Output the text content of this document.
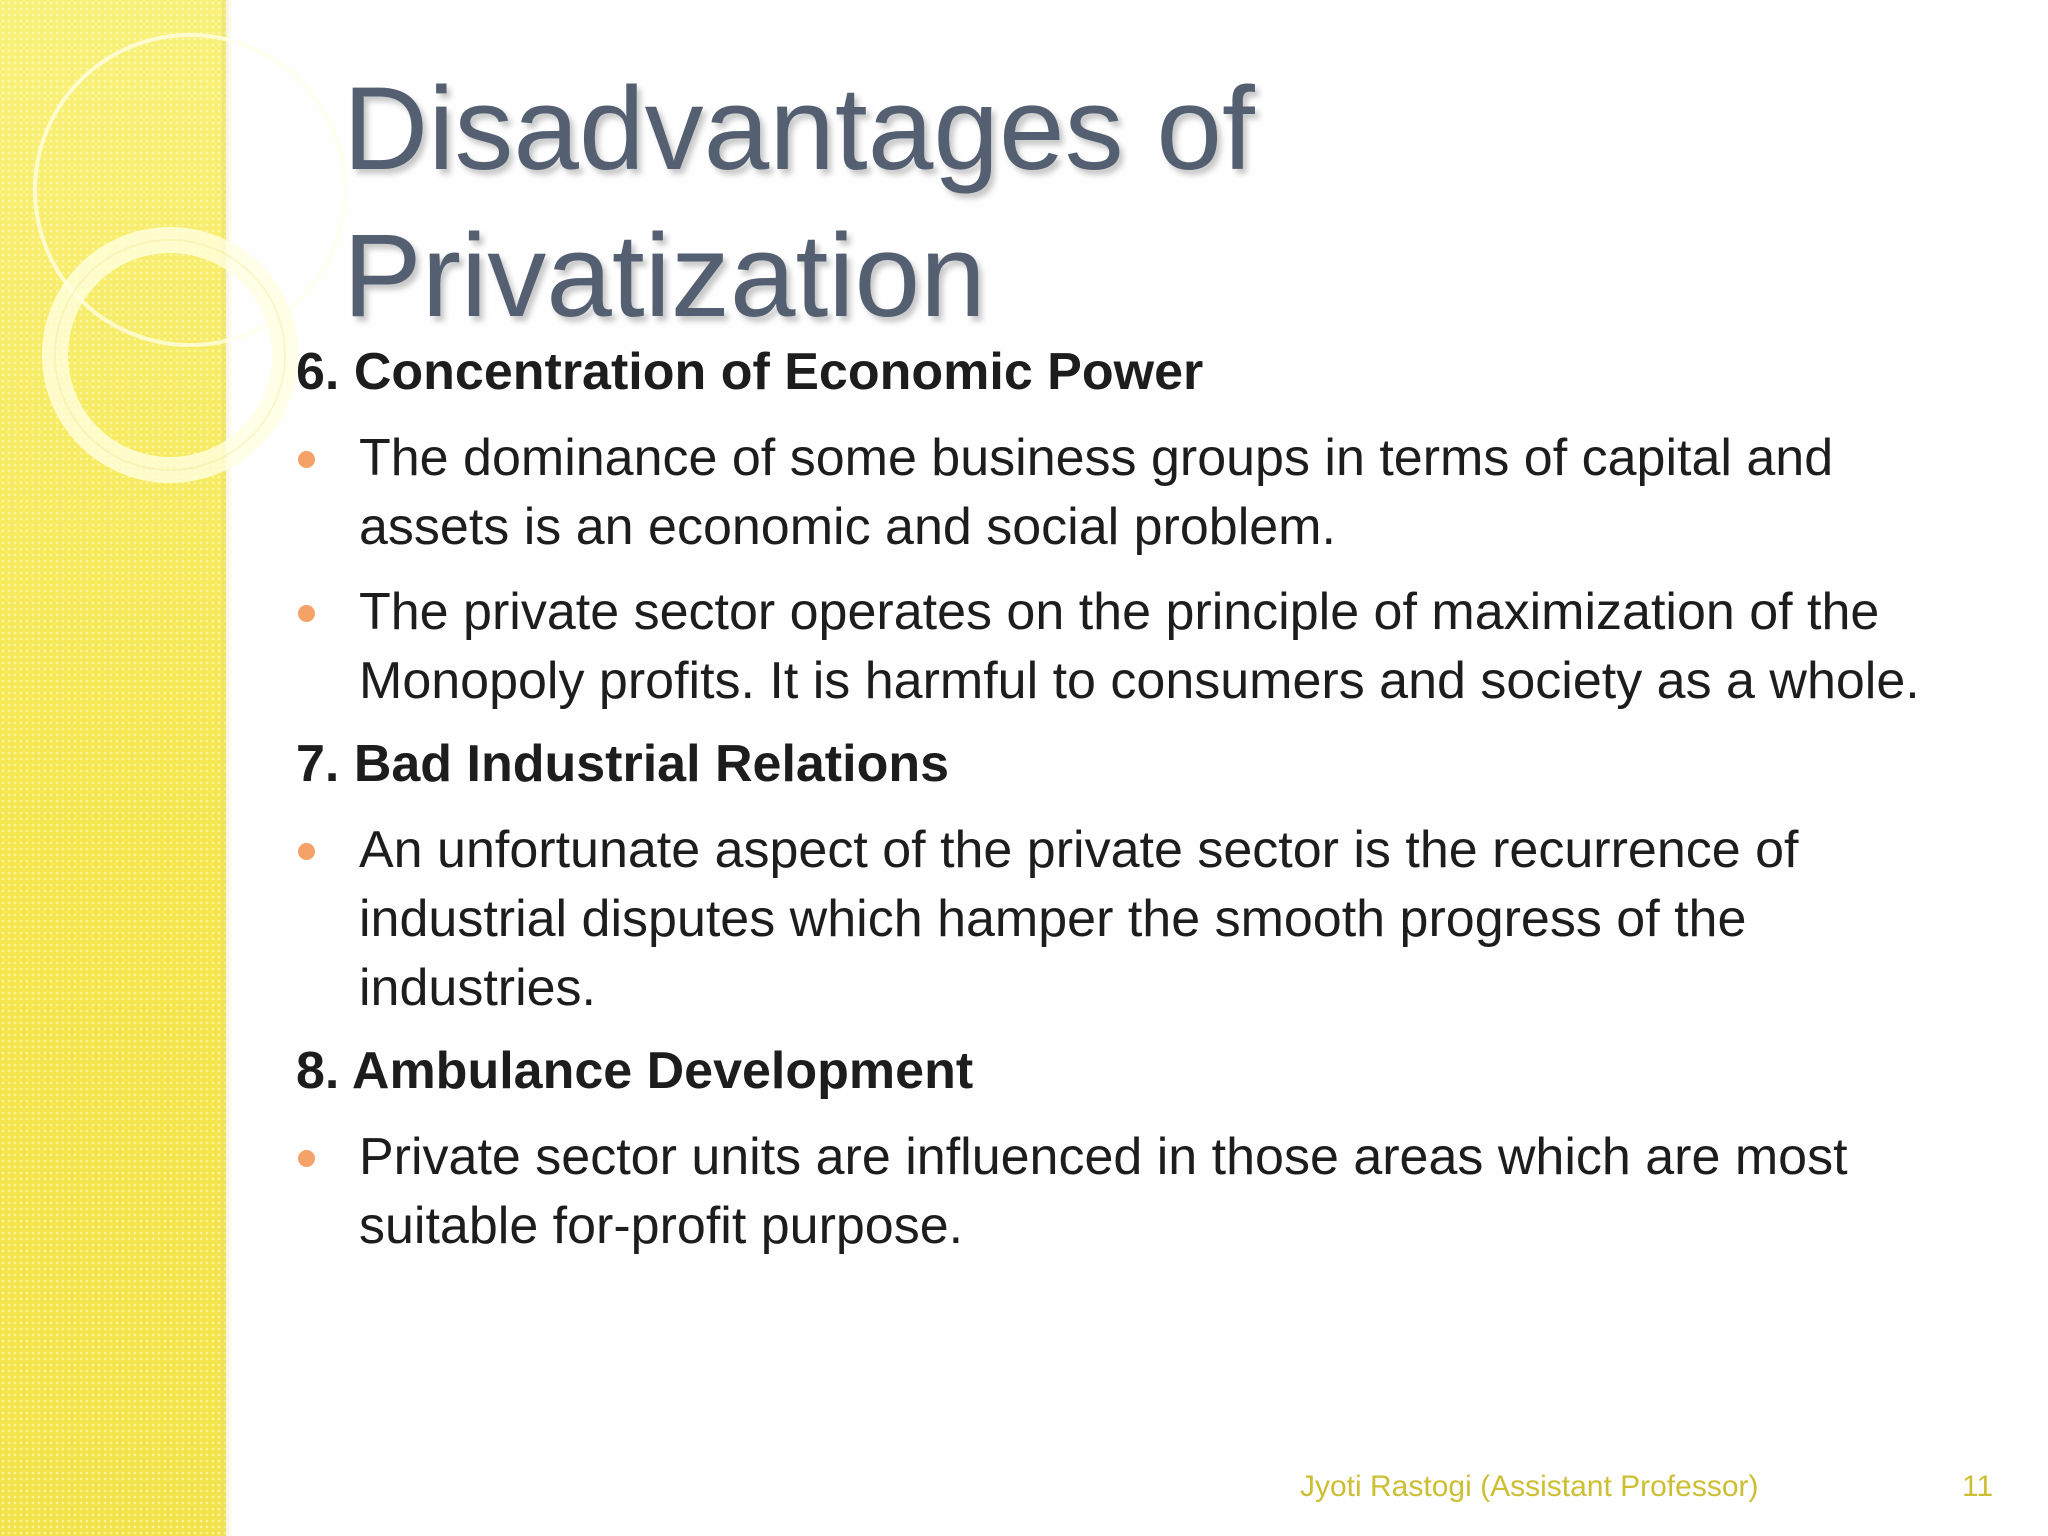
Disadvantages of
Privatization
6. Concentration of Economic Power
The dominance of some business groups in terms of capital and assets is an economic and social problem.
The private sector operates on the principle of maximization of the Monopoly profits. It is harmful to consumers and society as a whole.
7. Bad Industrial Relations
An unfortunate aspect of the private sector is the recurrence of industrial disputes which hamper the smooth progress of the industries.
8. Ambulance Development
Private sector units are influenced in those areas which are most suitable for-profit purpose.
Jyoti Rastogi (Assistant Professor)	11
